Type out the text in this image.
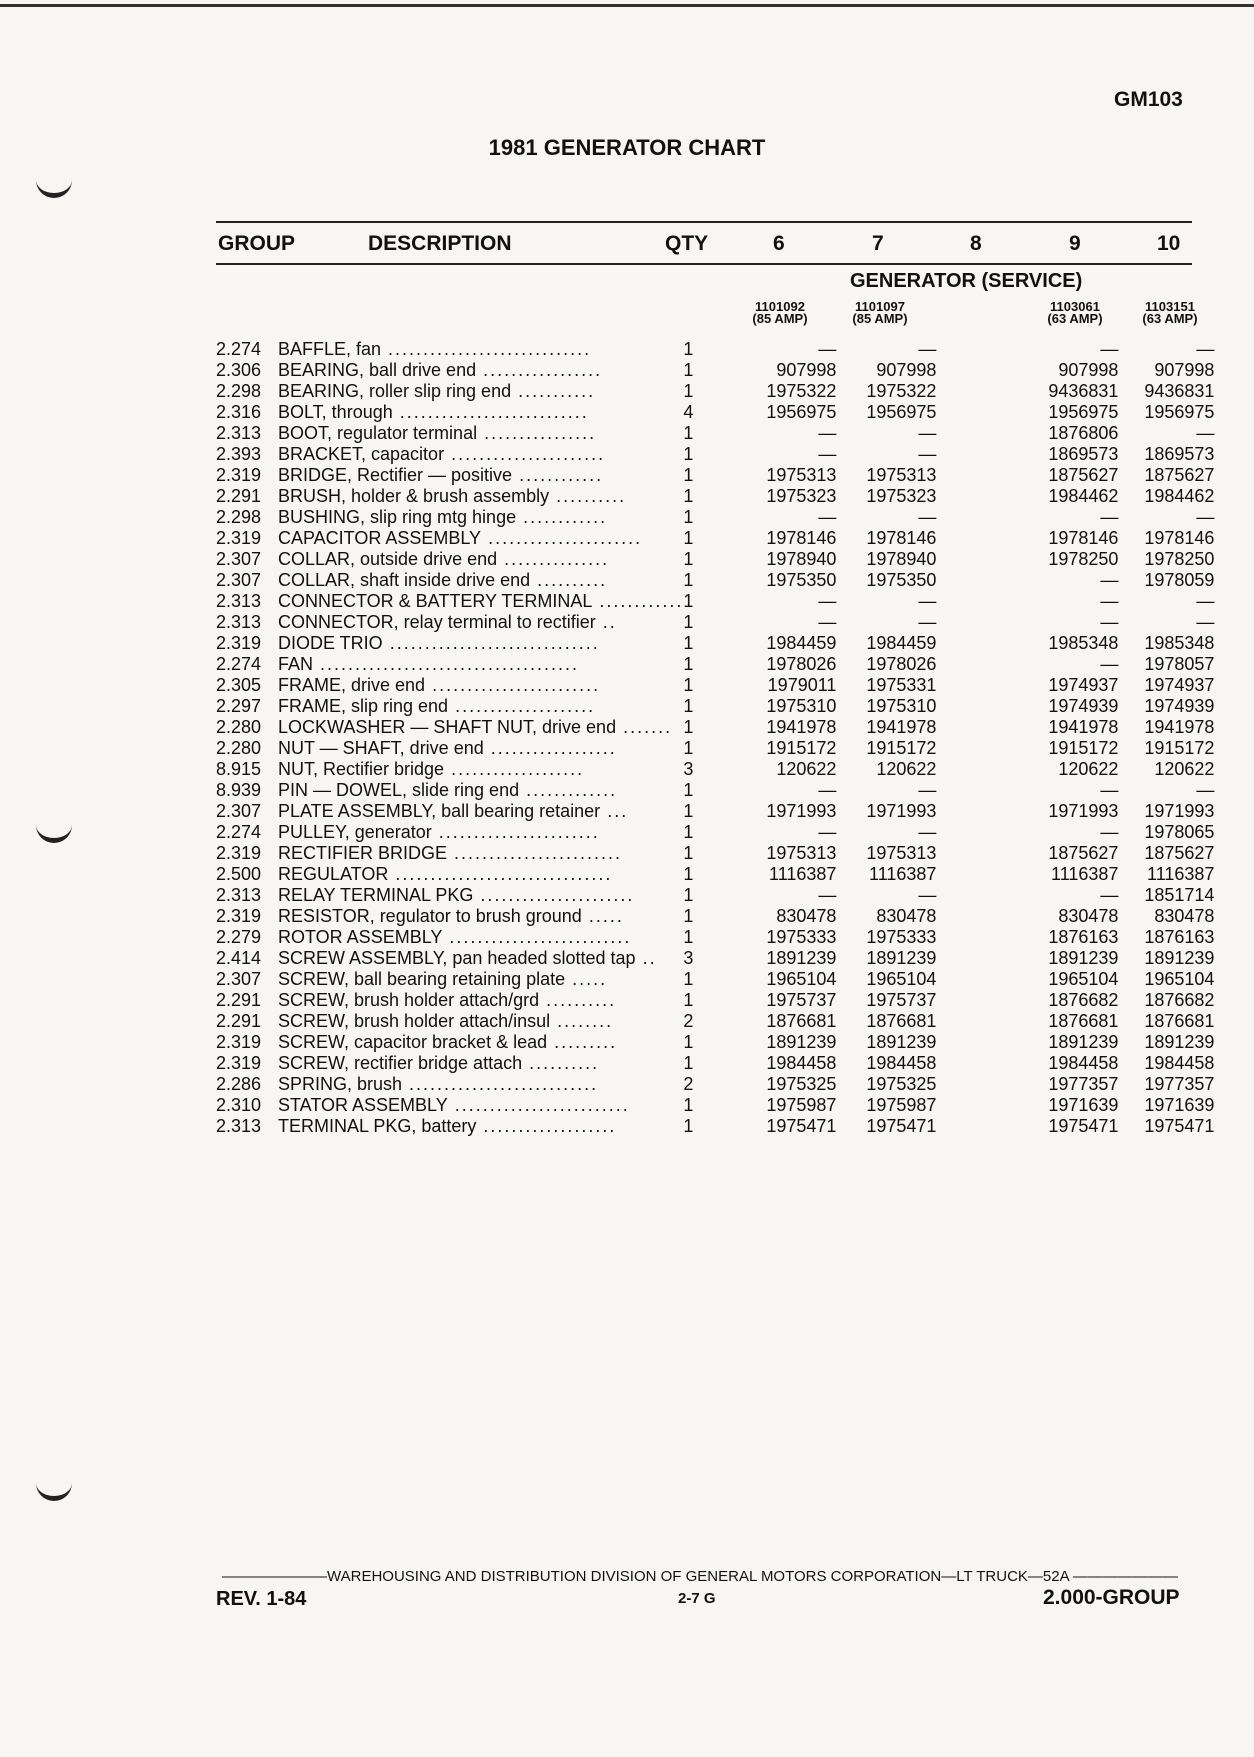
GM103
1981 GENERATOR CHART
GROUP	DESCRIPTION	QTY	6	7	8	9	10
GENERATOR (SERVICE)
1101092
(85 AMP)
1101097
(85 AMP)
1103061
(63 AMP)
1103151
(63 AMP)
2.274	BAFFLE, fan .............................	1	—	—		—	—
2.306	BEARING, ball drive end .................	1	907998	907998		907998	907998
2.298	BEARING, roller slip ring end ...........	1	1975322	1975322		9436831	9436831
2.316	BOLT, through ...........................	4	1956975	1956975		1956975	1956975
2.313	BOOT, regulator terminal ................	1	—	—		1876806	—
2.393	BRACKET, capacitor ......................	1	—	—		1869573	1869573
2.319	BRIDGE, Rectifier — positive ............	1	1975313	1975313		1875627	1875627
2.291	BRUSH, holder & brush assembly ..........	1	1975323	1975323		1984462	1984462
2.298	BUSHING, slip ring mtg hinge ............	1	—	—		—	—
2.319	CAPACITOR ASSEMBLY ......................	1	1978146	1978146		1978146	1978146
2.307	COLLAR, outside drive end ...............	1	1978940	1978940		1978250	1978250
2.307	COLLAR, shaft inside drive end ..........	1	1975350	1975350		—	1978059
2.313	CONNECTOR & BATTERY TERMINAL ............	1	—	—		—	—
2.313	CONNECTOR, relay terminal to rectifier ..	1	—	—		—	—
2.319	DIODE TRIO ..............................	1	1984459	1984459		1985348	1985348
2.274	FAN .....................................	1	1978026	1978026		—	1978057
2.305	FRAME, drive end ........................	1	1979011	1975331		1974937	1974937
2.297	FRAME, slip ring end ....................	1	1975310	1975310		1974939	1974939
2.280	LOCKWASHER — SHAFT NUT, drive end .......	1	1941978	1941978		1941978	1941978
2.280	NUT — SHAFT, drive end ..................	1	1915172	1915172		1915172	1915172
8.915	NUT, Rectifier bridge ...................	3	120622	120622		120622	120622
8.939	PIN — DOWEL, slide ring end .............	1	—	—		—	—
2.307	PLATE ASSEMBLY, ball bearing retainer ...	1	1971993	1971993		1971993	1971993
2.274	PULLEY, generator .......................	1	—	—		—	1978065
2.319	RECTIFIER BRIDGE ........................	1	1975313	1975313		1875627	1875627
2.500	REGULATOR ...............................	1	1116387	1116387		1116387	1116387
2.313	RELAY TERMINAL PKG ......................	1	—	—		—	1851714
2.319	RESISTOR, regulator to brush ground .....	1	830478	830478		830478	830478
2.279	ROTOR ASSEMBLY ..........................	1	1975333	1975333		1876163	1876163
2.414	SCREW ASSEMBLY, pan headed slotted tap ..	3	1891239	1891239		1891239	1891239
2.307	SCREW, ball bearing retaining plate .....	1	1965104	1965104		1965104	1965104
2.291	SCREW, brush holder attach/grd ..........	1	1975737	1975737		1876682	1876682
2.291	SCREW, brush holder attach/insul ........	2	1876681	1876681		1876681	1876681
2.319	SCREW, capacitor bracket & lead .........	1	1891239	1891239		1891239	1891239
2.319	SCREW, rectifier bridge attach ..........	1	1984458	1984458		1984458	1984458
2.286	SPRING, brush ...........................	2	1975325	1975325		1977357	1977357
2.310	STATOR ASSEMBLY .........................	1	1975987	1975987		1971639	1971639
2.313	TERMINAL PKG, battery ...................	1	1975471	1975471		1975471	1975471
———————WAREHOUSING AND DISTRIBUTION DIVISION OF GENERAL MOTORS CORPORATION—LT TRUCK—52A ———————
REV. 1-84	2-7 G	2.000-GROUP
